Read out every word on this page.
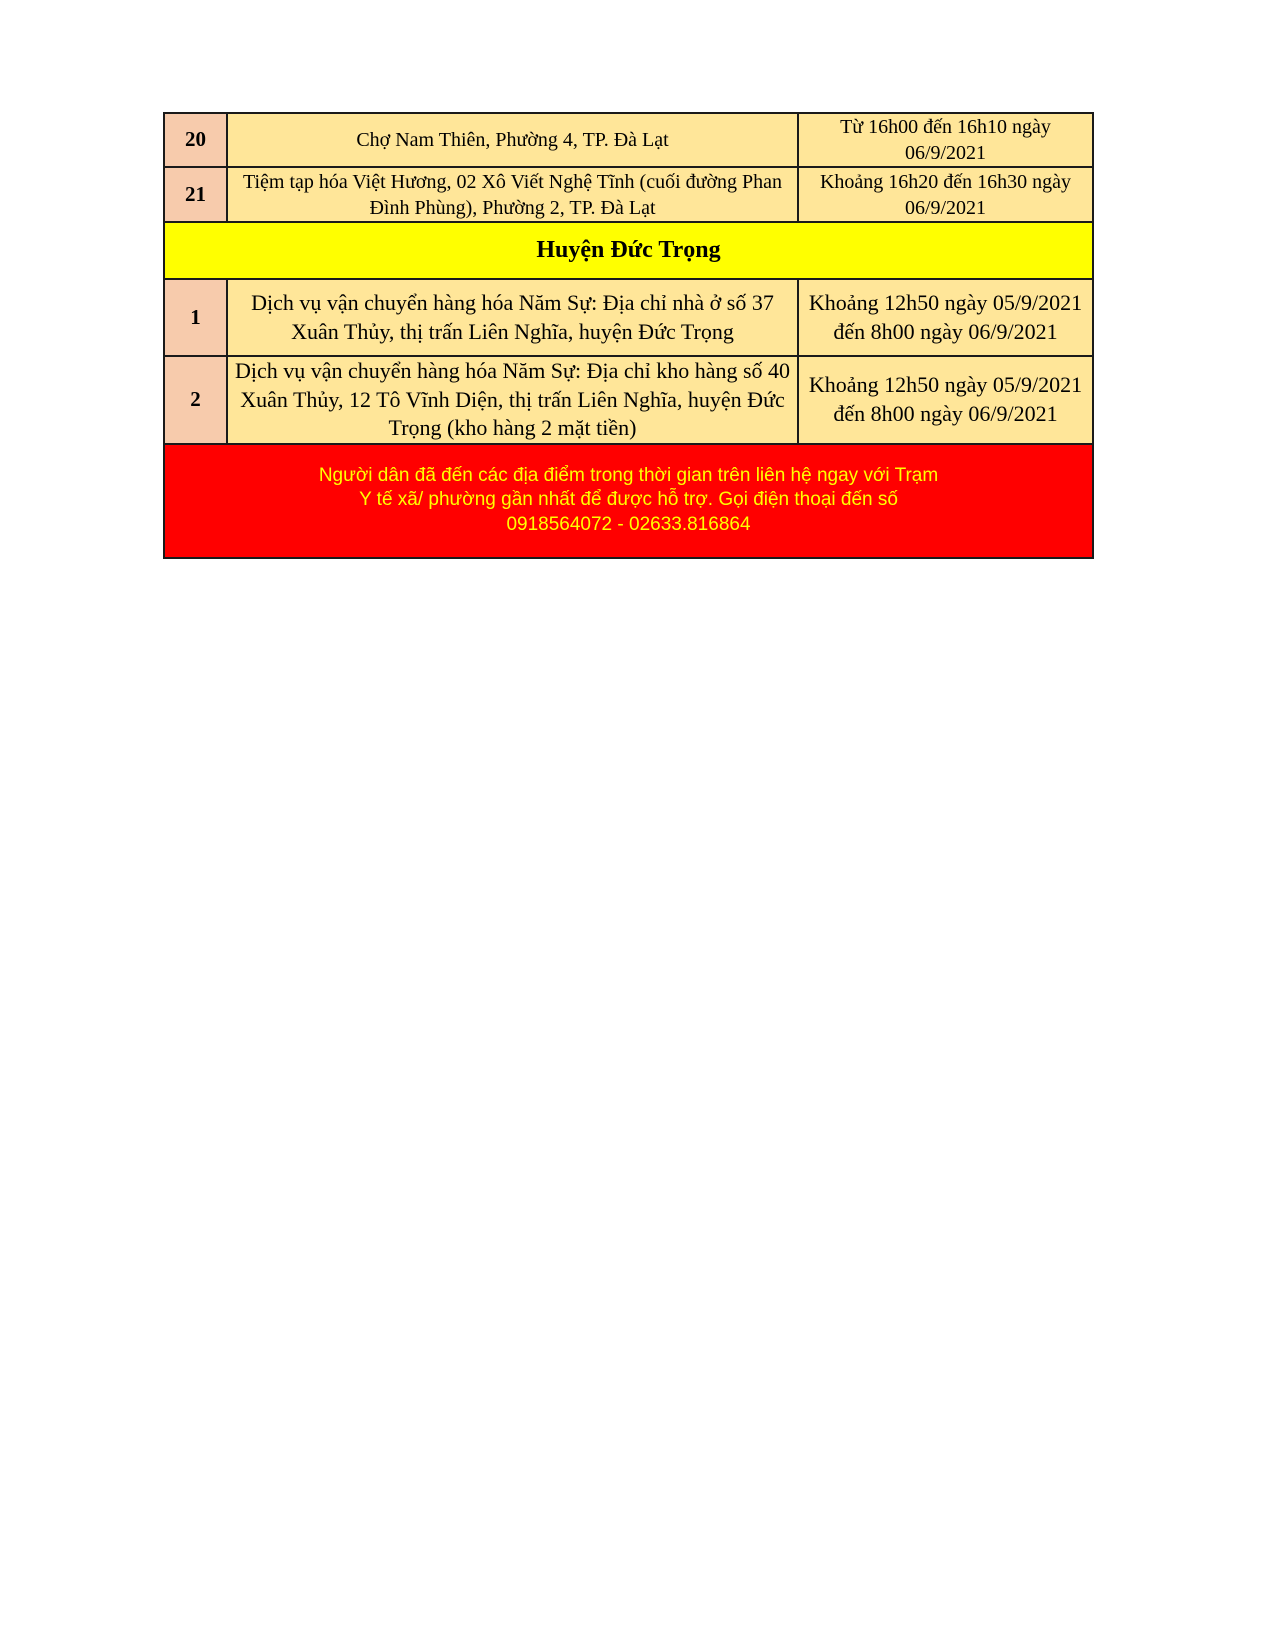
20	Chợ Nam Thiên, Phường 4, TP. Đà Lạt	Từ 16h00 đến 16h10 ngày 06/9/2021
21	Tiệm tạp hóa Việt Hương, 02 Xô Viết Nghệ Tĩnh (cuối đường Phan Đình Phùng), Phường 2, TP. Đà Lạt	Khoảng 16h20 đến 16h30 ngày 06/9/2021
Huyện Đức Trọng		
1	Dịch vụ vận chuyển hàng hóa Năm Sự: Địa chỉ nhà ở số 37 Xuân Thủy, thị trấn Liên Nghĩa, huyện Đức Trọng	Khoảng 12h50 ngày 05/9/2021 đến 8h00 ngày 06/9/2021
2	Dịch vụ vận chuyển hàng hóa Năm Sự: Địa chỉ kho hàng số 40 Xuân Thủy, 12 Tô Vĩnh Diện, thị trấn Liên Nghĩa, huyện Đức Trọng (kho hàng 2 mặt tiền)	Khoảng 12h50 ngày 05/9/2021 đến 8h00 ngày 06/9/2021
Người dân đã đến các địa điểm trong thời gian trên liên hệ ngay với Trạm Y tế xã/ phường gần nhất để được hỗ trợ. Gọi điện thoại đến số 0918564072 - 02633.816864		
